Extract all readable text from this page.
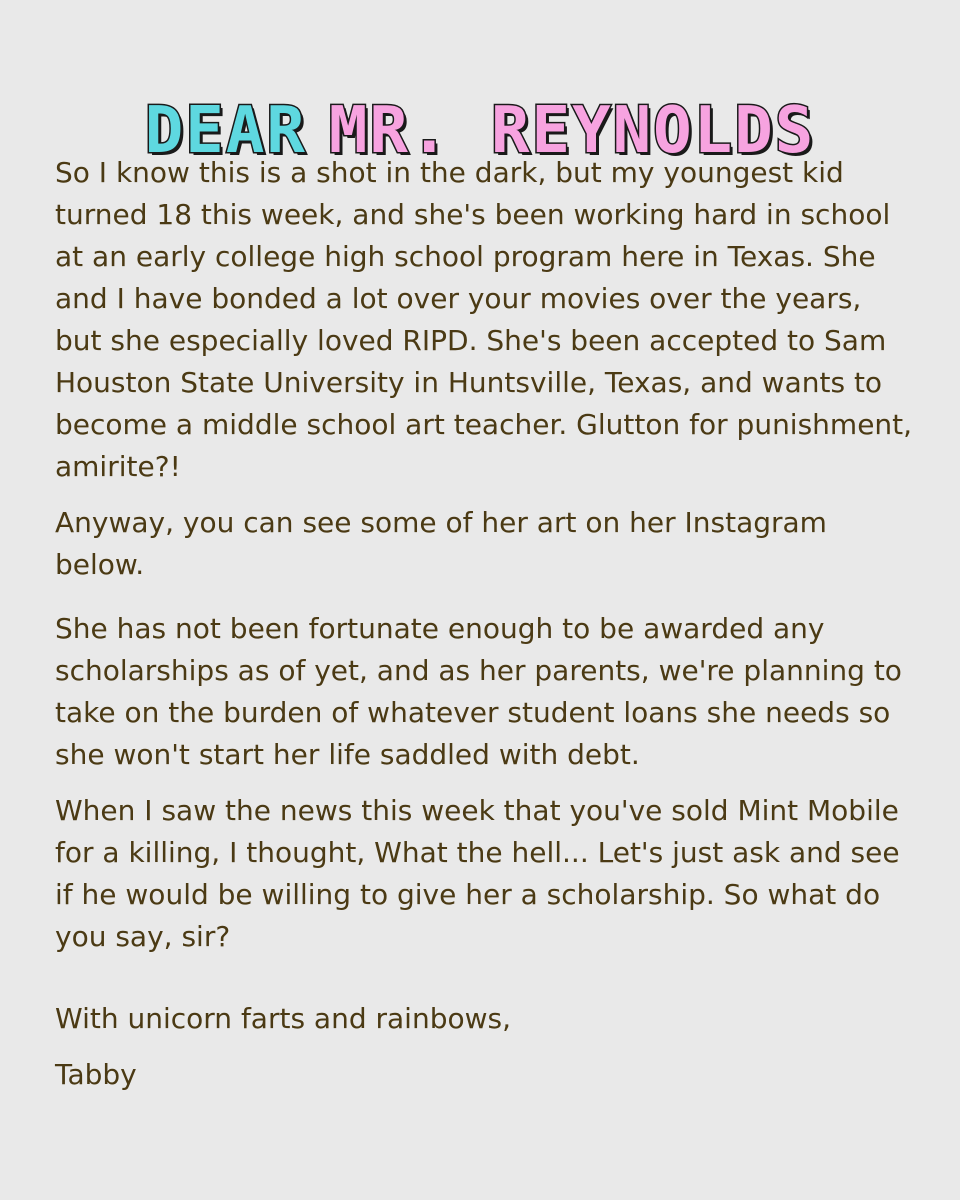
DEAR MR. REYNOLDS

So I know this is a shot in the dark, but my youngest kid turned 18 this week, and she's been working hard in school at an early college high school program here in Texas. She and I have bonded a lot over your movies over the years, but she especially loved RIPD. She's been accepted to Sam Houston State University in Huntsville, Texas, and wants to become a middle school art teacher. Glutton for punishment, amirite?!

Anyway, you can see some of her art on her Instagram below.

She has not been fortunate enough to be awarded any scholarships as of yet, and as her parents, we're planning to take on the burden of whatever student loans she needs so she won't start her life saddled with debt.

When I saw the news this week that you've sold Mint Mobile for a killing, I thought, What the hell... Let's just ask and see if he would be willing to give her a scholarship. So what do you say, sir?

With unicorn farts and rainbows,

Tabby
